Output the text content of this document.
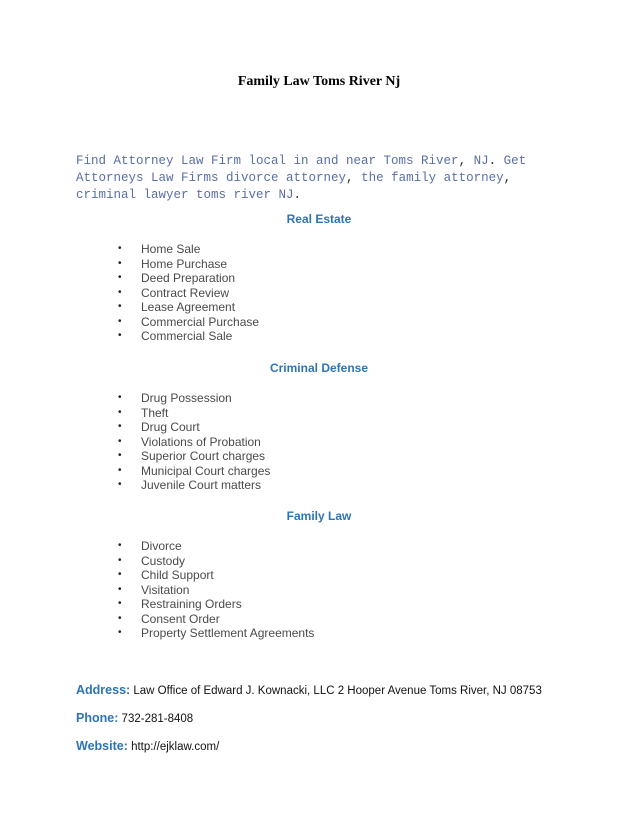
Family Law Toms River Nj
Find Attorney Law Firm local in and near Toms River, NJ. Get Attorneys Law Firms divorce attorney, the family attorney, criminal lawyer toms river NJ.
Real Estate
• Home Sale
• Home Purchase
• Deed Preparation
• Contract Review
• Lease Agreement
• Commercial Purchase
• Commercial Sale
Criminal Defense
• Drug Possession
• Theft
• Drug Court
• Violations of Probation
• Superior Court charges
• Municipal Court charges
• Juvenile Court matters
Family Law
• Divorce
• Custody
• Child Support
• Visitation
• Restraining Orders
• Consent Order
• Property Settlement Agreements
Address: Law Office of Edward J. Kownacki, LLC 2 Hooper Avenue Toms River, NJ 08753
Phone: 732-281-8408
Website: http://ejklaw.com/
